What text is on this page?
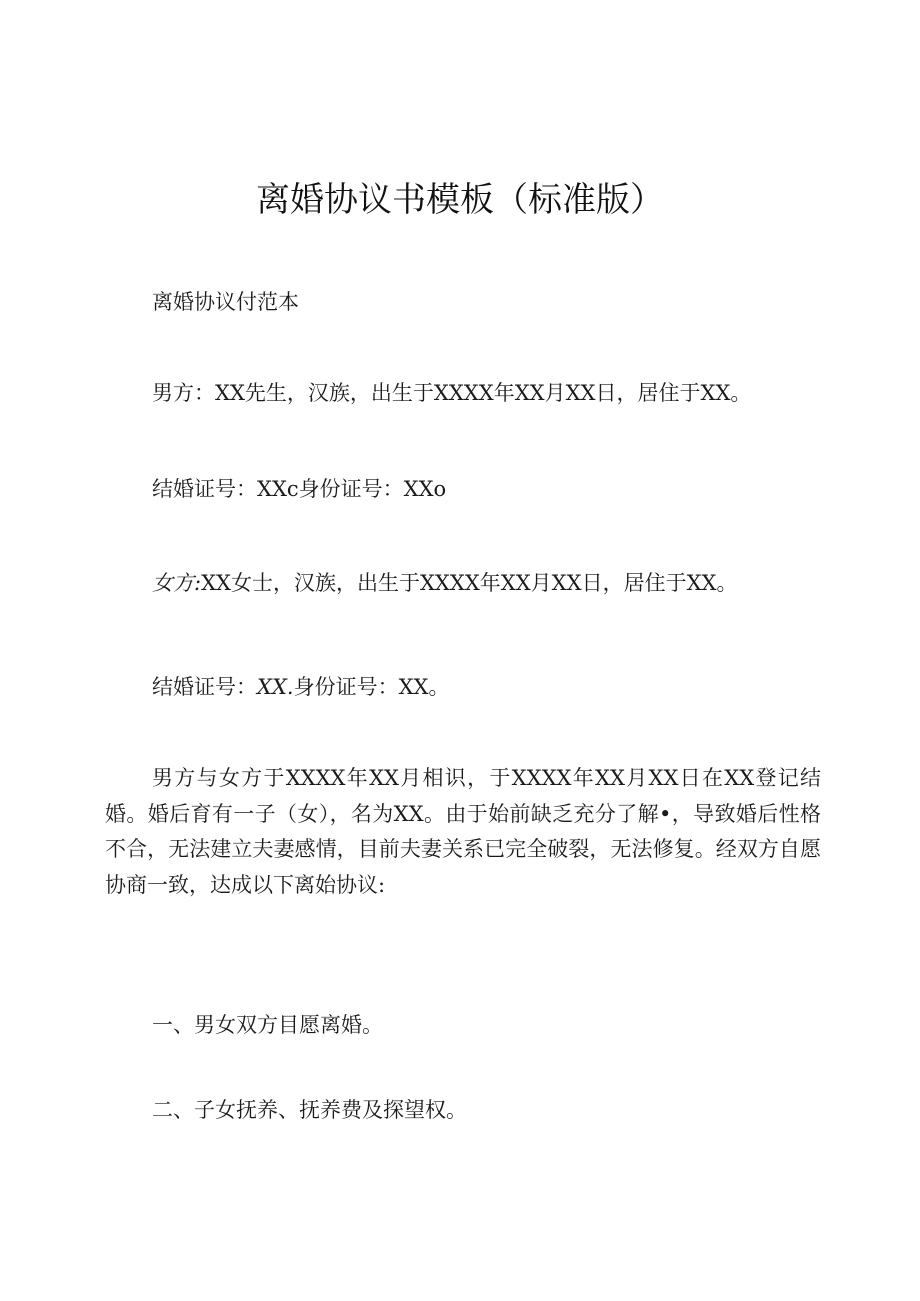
离婚协议书模板（标准版）

离婚协议付范本

男方：XX先生，汉族，出生于XXXX年XX月XX日，居住于XX。

结婚证号：XXc身份证号：XXo

女方:XX女士，汉族，出生于XXXX年XX月XX日，居住于XX。

结婚证号：XX.身份证号：XX。

男方与女方于XXXX年XX月相识，于XXXX年XX月XX日在XX登记结婚。婚后育有一子（女），名为XX。由于始前缺乏充分了解•，导致婚后性格不合，无法建立夫妻感情，目前夫妻关系已完全破裂，无法修复。经双方自愿协商一致，达成以下离始协议:

一、男女双方目愿离婚。

二、子女抚养、抚养费及探望权。
